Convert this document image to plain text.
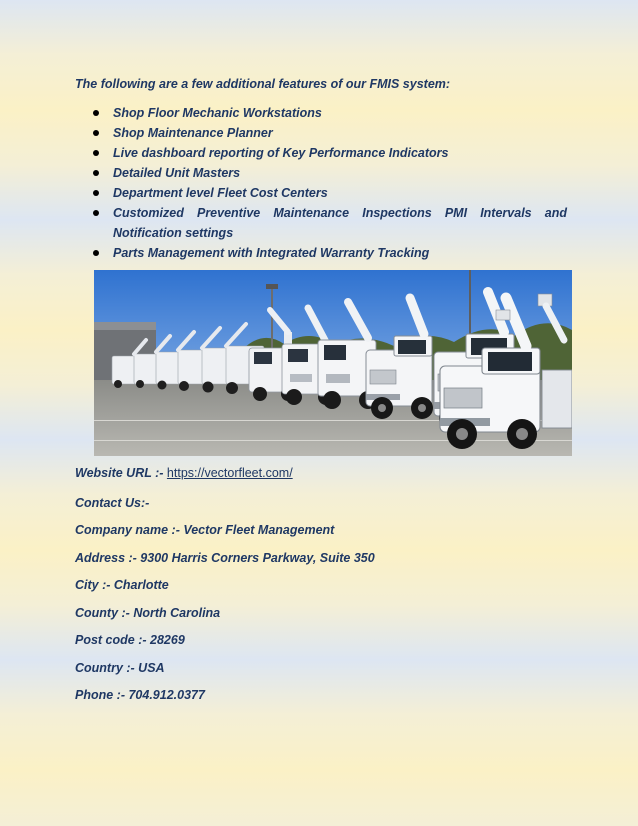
The following are a few additional features of our FMIS system:
Shop Floor Mechanic Workstations
Shop Maintenance Planner
Live dashboard reporting of Key Performance Indicators
Detailed Unit Masters
Department level Fleet Cost Centers
Customized Preventive Maintenance Inspections PMI Intervals and
Notification settings
Parts Management with Integrated Warranty Tracking
Website URL :- https://vectorfleet.com/
Contact Us:-
Company name :- Vector Fleet Management
Address :- 9300 Harris Corners Parkway, Suite 350
City :- Charlotte
County :- North Carolina
Post code :- 28269
Country :- USA
Phone :- 704.912.0377
